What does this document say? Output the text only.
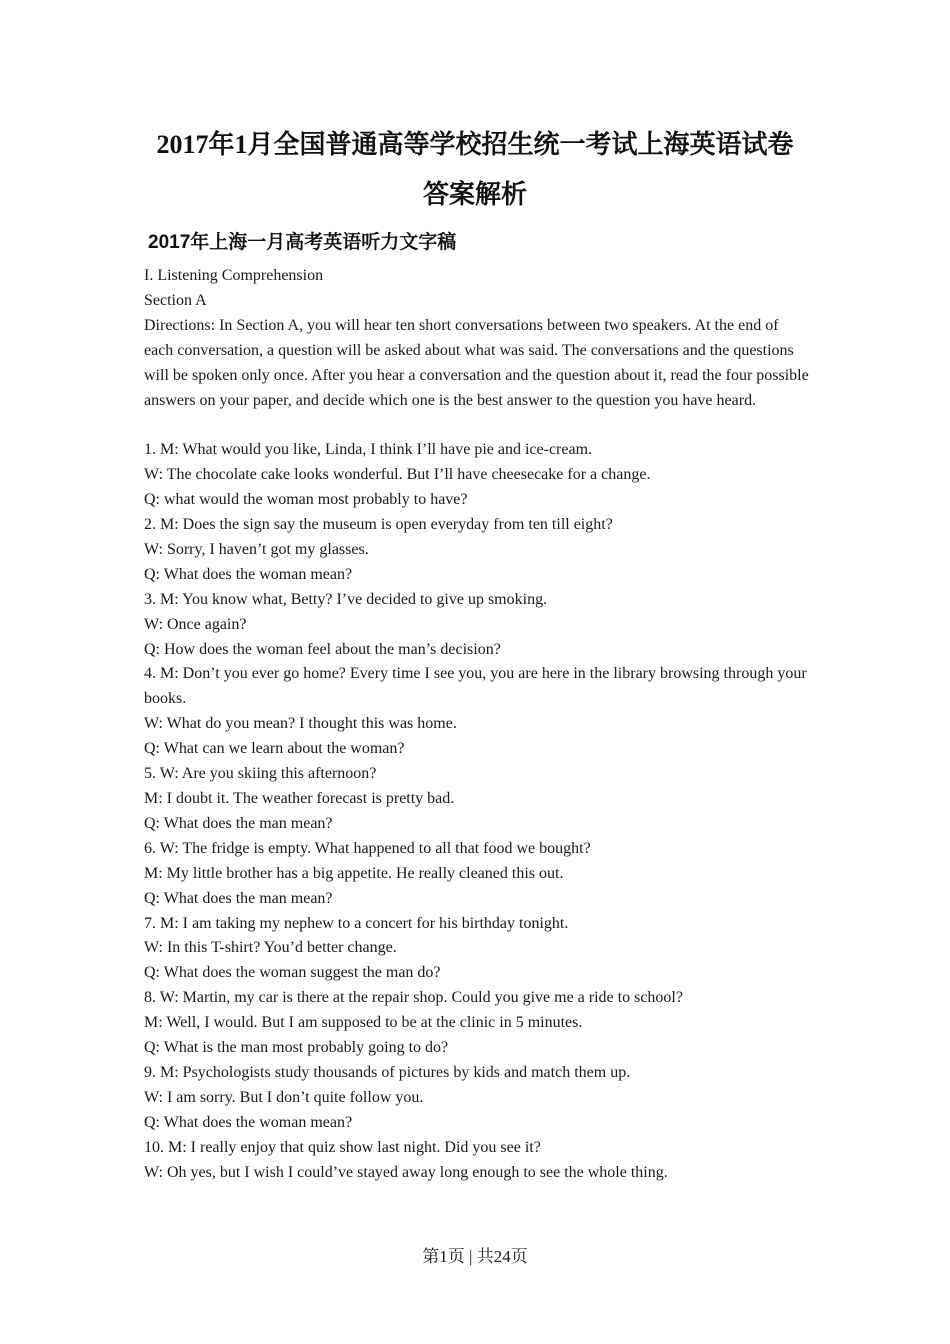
2017年1月全国普通高等学校招生统一考试上海英语试卷
答案解析
2017年上海一月高考英语听力文字稿
I. Listening Comprehension
Section A
Directions: In Section A, you will hear ten short conversations between two speakers. At the end of each conversation, a question will be asked about what was said. The conversations and the questions will be spoken only once. After you hear a conversation and the question about it, read the four possible answers on your paper, and decide which one is the best answer to the question you have heard.
1. M: What would you like, Linda, I think I’ll have pie and ice-cream.
W: The chocolate cake looks wonderful. But I’ll have cheesecake for a change.
Q: what would the woman most probably to have?
2. M: Does the sign say the museum is open everyday from ten till eight?
W: Sorry, I haven’t got my glasses.
Q: What does the woman mean?
3. M: You know what, Betty? I’ve decided to give up smoking.
W: Once again?
Q: How does the woman feel about the man’s decision?
4. M: Don’t you ever go home? Every time I see you, you are here in the library browsing through your books.
W: What do you mean? I thought this was home.
Q: What can we learn about the woman?
5. W: Are you skiing this afternoon?
M: I doubt it. The weather forecast is pretty bad.
Q: What does the man mean?
6. W: The fridge is empty. What happened to all that food we bought?
M: My little brother has a big appetite. He really cleaned this out.
Q: What does the man mean?
7. M: I am taking my nephew to a concert for his birthday tonight.
W: In this T-shirt? You’d better change.
Q: What does the woman suggest the man do?
8. W: Martin, my car is there at the repair shop. Could you give me a ride to school?
M: Well, I would. But I am supposed to be at the clinic in 5 minutes.
Q: What is the man most probably going to do?
9. M: Psychologists study thousands of pictures by kids and match them up.
W: I am sorry. But I don’t quite follow you.
Q: What does the woman mean?
10. M: I really enjoy that quiz show last night. Did you see it?
W: Oh yes, but I wish I could’ve stayed away long enough to see the whole thing.
第1页 | 共24页
